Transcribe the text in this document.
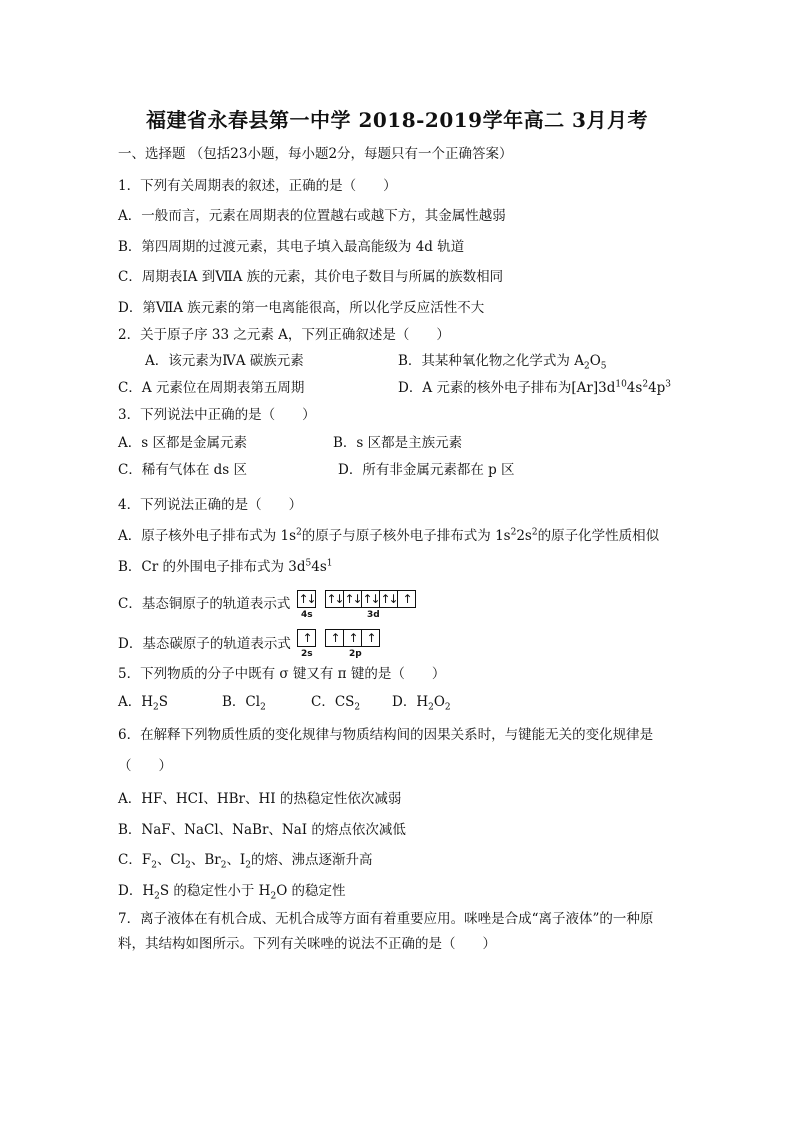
福建省永春县第一中学 2018-2019学年高二 3月月考
一、选择题 （包括23小题，每小题2分，每题只有一个正确答案）
1．下列有关周期表的叙述，正确的是（　　）
A．一般而言，元素在周期表的位置越右或越下方，其金属性越弱
B．第四周期的过渡元素，其电子填入最高能级为 4d 轨道
C．周期表ⅠA 到ⅦA 族的元素，其价电子数目与所属的族数相同
D．第ⅦA 族元素的第一电离能很高，所以化学反应活性不大
2．关于原子序 33 之元素 A，下列正确叙述是（　　）
A．该元素为ⅣA 碳族元素	B．其某种氧化物之化学式为 $A_2O_5$
C．A 元素位在周期表第五周期	D．A 元素的核外电子排布为$[Ar]3d^{10}4s^24p^3$
3．下列说法中正确的是（　　）
A．s 区都是金属元素	B．s 区都是主族元素
C．稀有气体在 ds 区	D．所有非金属元素都在 p 区
4．下列说法正确的是（　　）
A．原子核外电子排布式为 $1s^2$的原子与原子核外电子排布式为 $1s^22s^2$的原子化学性质相似
B．Cr 的外围电子排布式为 $3d^54s^1$
C．基态铜原子的轨道表示式 ↑↓ ↑↓ ↑↓ ↑↓ ↑↓ ↑
4s	3d
D．基态碳原子的轨道表示式 ↑	↑ ↑ ↑
2s	2p
5．下列物质的分子中既有 σ 键又有 π 键的是（　　）
A．$H_2S$	B．$Cl_2$	C．$CS_2$ D．$H_2O_2$
6．在解释下列物质性质的变化规律与物质结构间的因果关系时，与键能无关的变化规律是
（　　）
A．HF、HCI、HBr、HI 的热稳定性依次减弱
B．NaF、NaCl、NaBr、NaI 的熔点依次减低
C．$F_2$、$Cl_2$、$Br_2$、$I_2$的熔、沸点逐渐升高
D．$H_2S$ 的稳定性小于 $H_2O$ 的稳定性
7．离子液体在有机合成、无机合成等方面有着重要应用。咪唑是合成“离子液体”的一种原
料，其结构如图所示。下列有关咪唑的说法不正确的是（　　）
